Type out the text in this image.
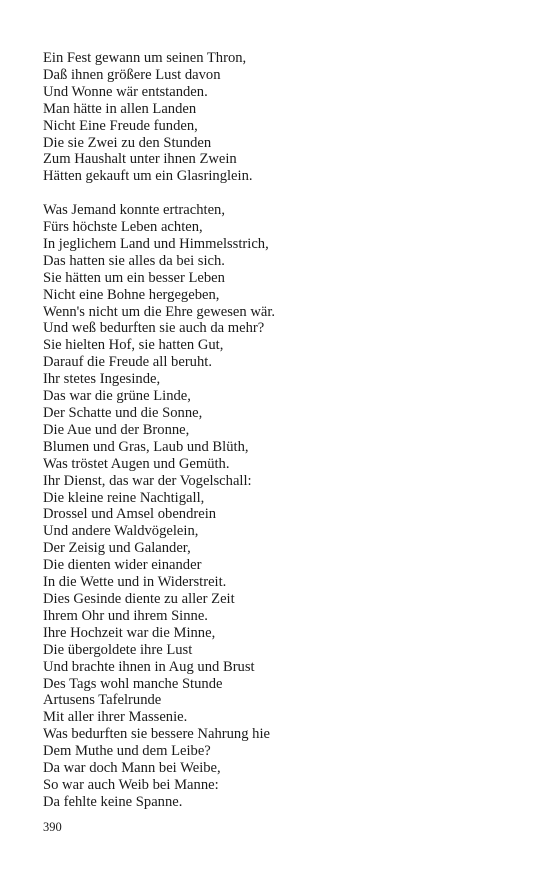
Ein Fest gewann um seinen Thron,
Daß ihnen größere Lust davon
Und Wonne wär entstanden.
Man hätte in allen Landen
Nicht Eine Freude funden,
Die sie Zwei zu den Stunden
Zum Haushalt unter ihnen Zwein
Hätten gekauft um ein Glasringlein.
Was Jemand konnte ertrachten,
Fürs höchste Leben achten,
In jeglichem Land und Himmelsstrich,
Das hatten sie alles da bei sich.
Sie hätten um ein besser Leben
Nicht eine Bohne hergegeben,
Wenn's nicht um die Ehre gewesen wär.
Und weß bedurften sie auch da mehr?
Sie hielten Hof, sie hatten Gut,
Darauf die Freude all beruht.
Ihr stetes Ingesinde,
Das war die grüne Linde,
Der Schatte und die Sonne,
Die Aue und der Bronne,
Blumen und Gras, Laub und Blüth,
Was tröstet Augen und Gemüth.
Ihr Dienst, das war der Vogelschall:
Die kleine reine Nachtigall,
Drossel und Amsel obendrein
Und andere Waldvögelein,
Der Zeisig und Galander,
Die dienten wider einander
In die Wette und in Widerstreit.
Dies Gesinde diente zu aller Zeit
Ihrem Ohr und ihrem Sinne.
Ihre Hochzeit war die Minne,
Die übergoldete ihre Lust
Und brachte ihnen in Aug und Brust
Des Tags wohl manche Stunde
Artusens Tafelrunde
Mit aller ihrer Massenie.
Was bedurften sie bessere Nahrung hie
Dem Muthe und dem Leibe?
Da war doch Mann bei Weibe,
So war auch Weib bei Manne:
Da fehlte keine Spanne.
390
